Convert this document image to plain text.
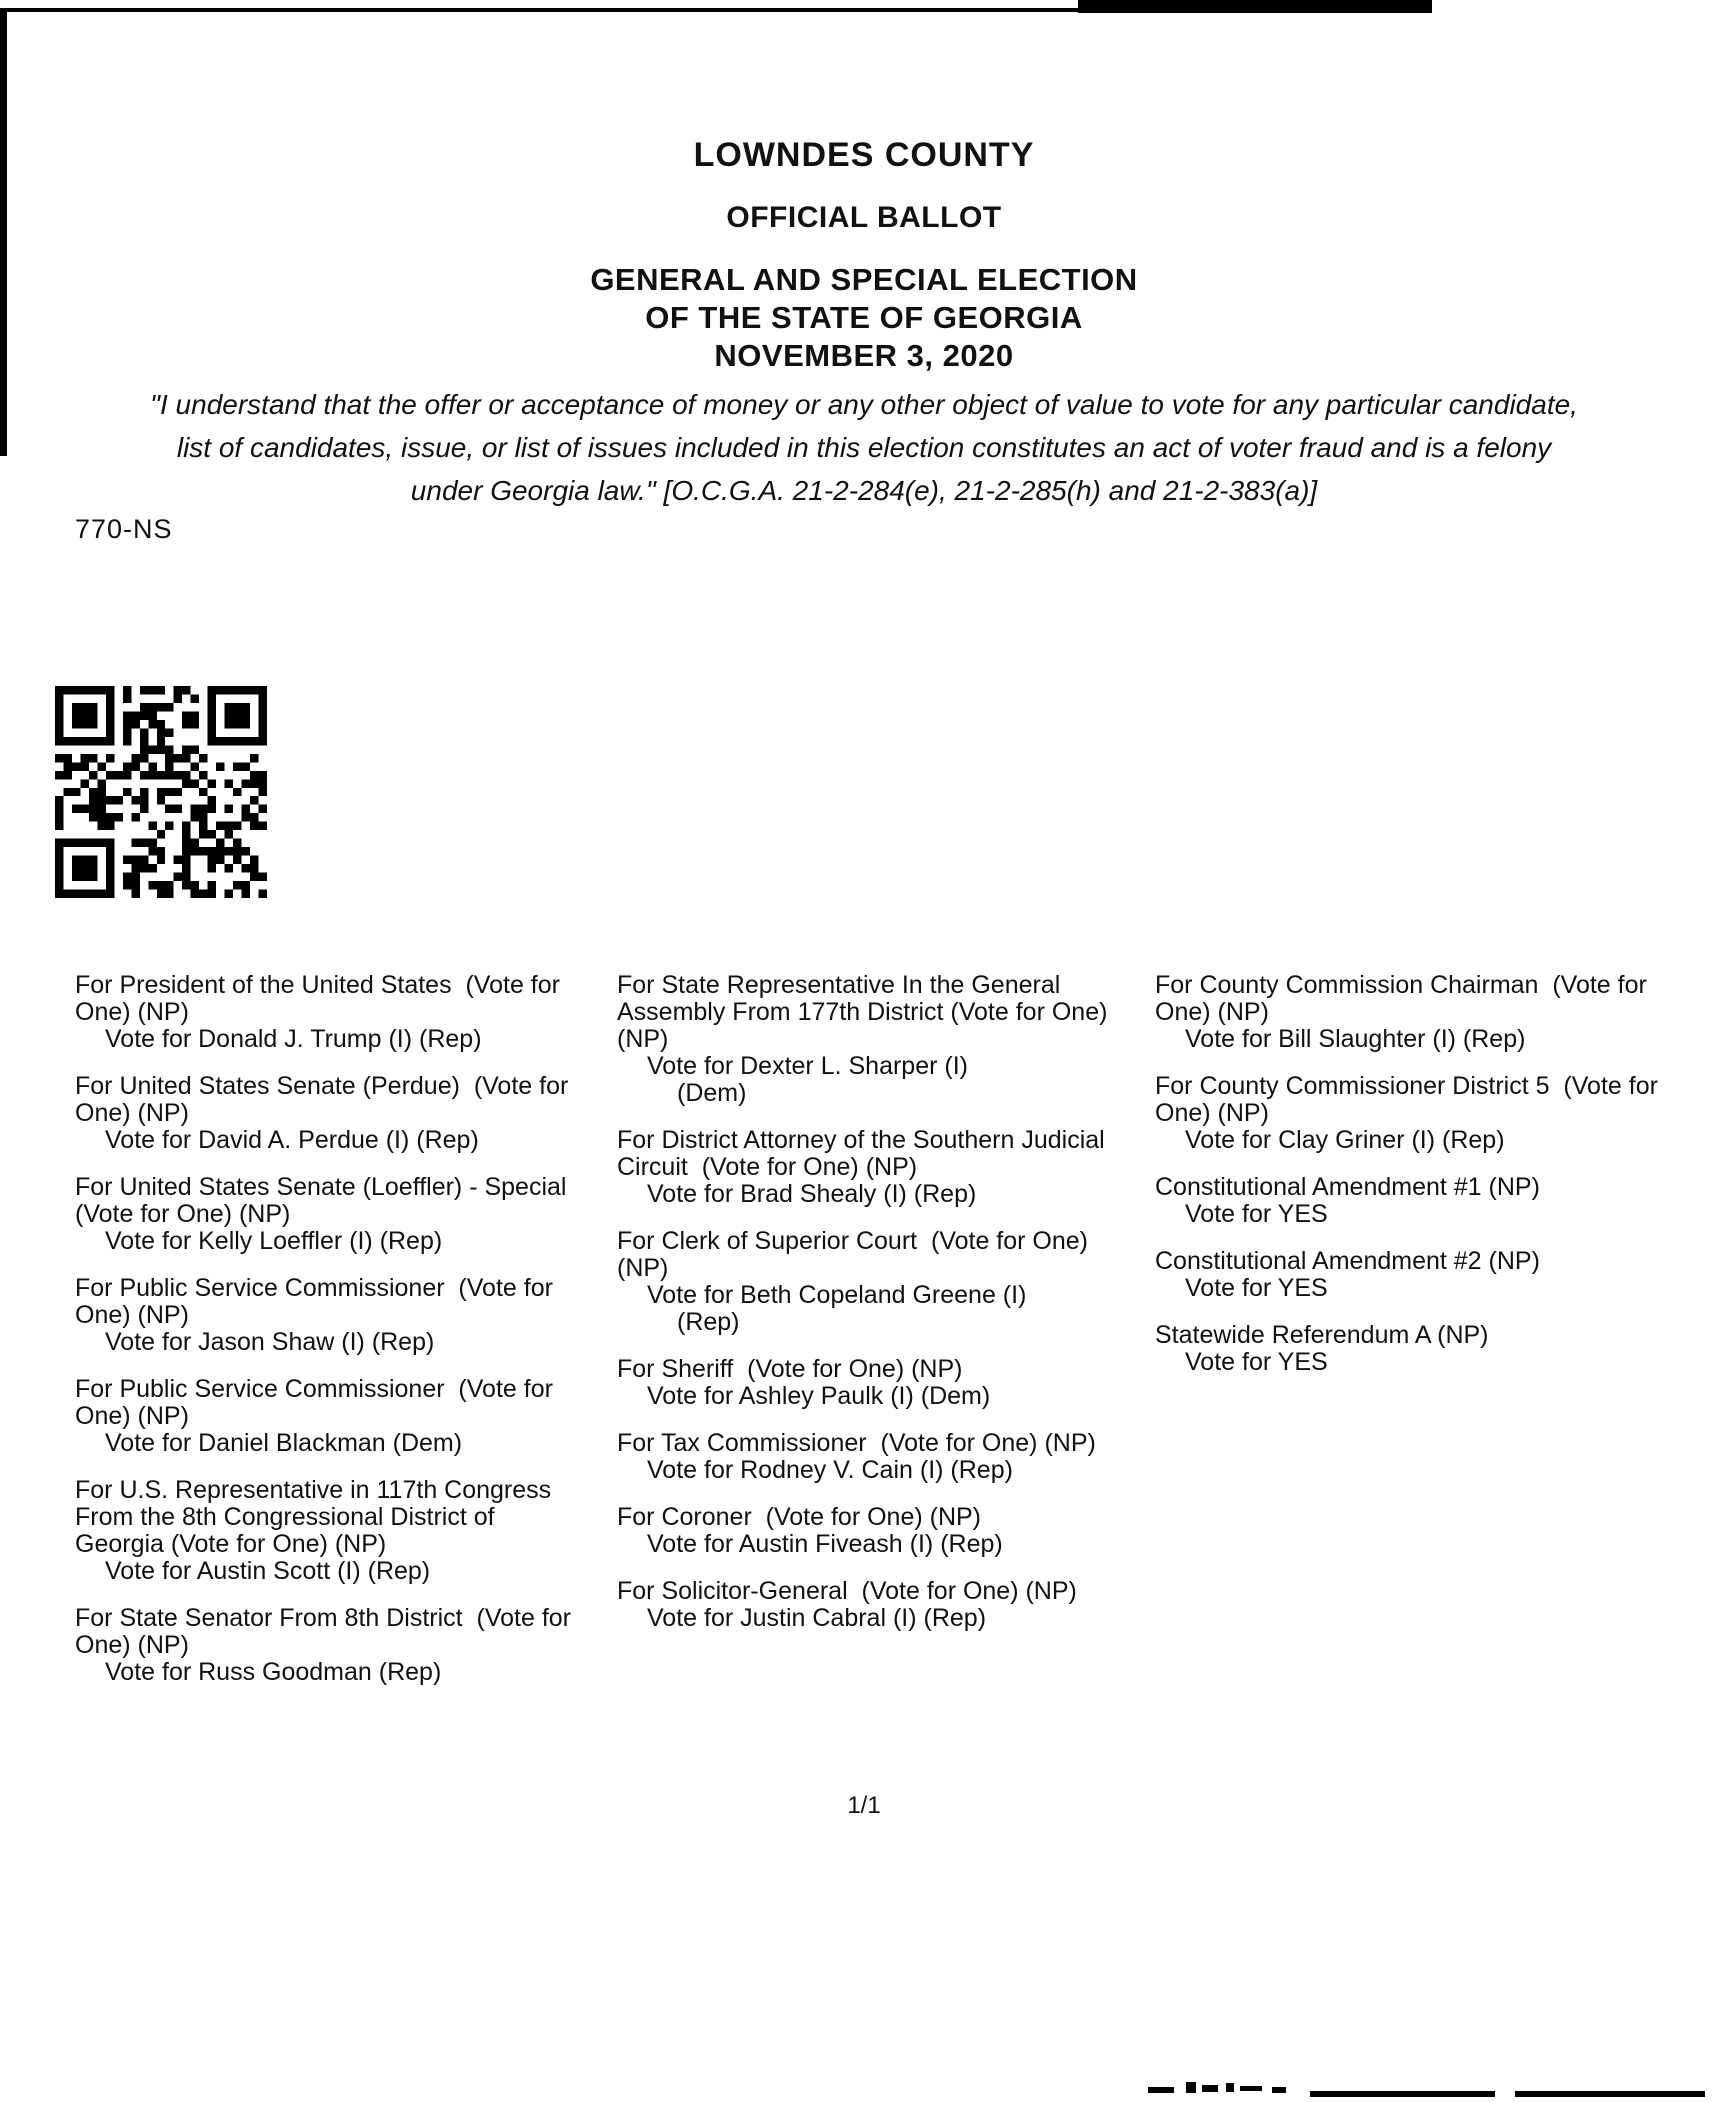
LOWNDES COUNTY
OFFICIAL BALLOT
GENERAL AND SPECIAL ELECTION
OF THE STATE OF GEORGIA
NOVEMBER 3, 2020
"I understand that the offer or acceptance of money or any other object of value to vote for any particular candidate,
list of candidates, issue, or list of issues included in this election constitutes an act of voter fraud and is a felony
under Georgia law." [O.C.G.A. 21-2-284(e), 21-2-285(h) and 21-2-383(a)]
770-NS
For President of the United States  (Vote for One) (NP)
Vote for Donald J. Trump (I) (Rep)
For United States Senate (Perdue)  (Vote for One) (NP)
Vote for David A. Perdue (I) (Rep)
For United States Senate (Loeffler) - Special  (Vote for One) (NP)
Vote for Kelly Loeffler (I) (Rep)
For Public Service Commissioner  (Vote for One) (NP)
Vote for Jason Shaw (I) (Rep)
For Public Service Commissioner  (Vote for One) (NP)
Vote for Daniel Blackman (Dem)
For U.S. Representative in 117th Congress From the 8th Congressional District of Georgia (Vote for One) (NP)
Vote for Austin Scott (I) (Rep)
For State Senator From 8th District  (Vote for One) (NP)
Vote for Russ Goodman (Rep)
For State Representative In the General Assembly From 177th District (Vote for One) (NP)
Vote for Dexter L. Sharper (I)
(Dem)
For District Attorney of the Southern Judicial Circuit  (Vote for One) (NP)
Vote for Brad Shealy (I) (Rep)
For Clerk of Superior Court  (Vote for One) (NP)
Vote for Beth Copeland Greene (I)
(Rep)
For Sheriff  (Vote for One) (NP)
Vote for Ashley Paulk (I) (Dem)
For Tax Commissioner  (Vote for One) (NP)
Vote for Rodney V. Cain (I) (Rep)
For Coroner  (Vote for One) (NP)
Vote for Austin Fiveash (I) (Rep)
For Solicitor-General  (Vote for One) (NP)
Vote for Justin Cabral (I) (Rep)
For County Commission Chairman  (Vote for One) (NP)
Vote for Bill Slaughter (I) (Rep)
For County Commissioner District 5  (Vote for One) (NP)
Vote for Clay Griner (I) (Rep)
Constitutional Amendment #1 (NP)
Vote for YES
Constitutional Amendment #2 (NP)
Vote for YES
Statewide Referendum A (NP)
Vote for YES
1/1
